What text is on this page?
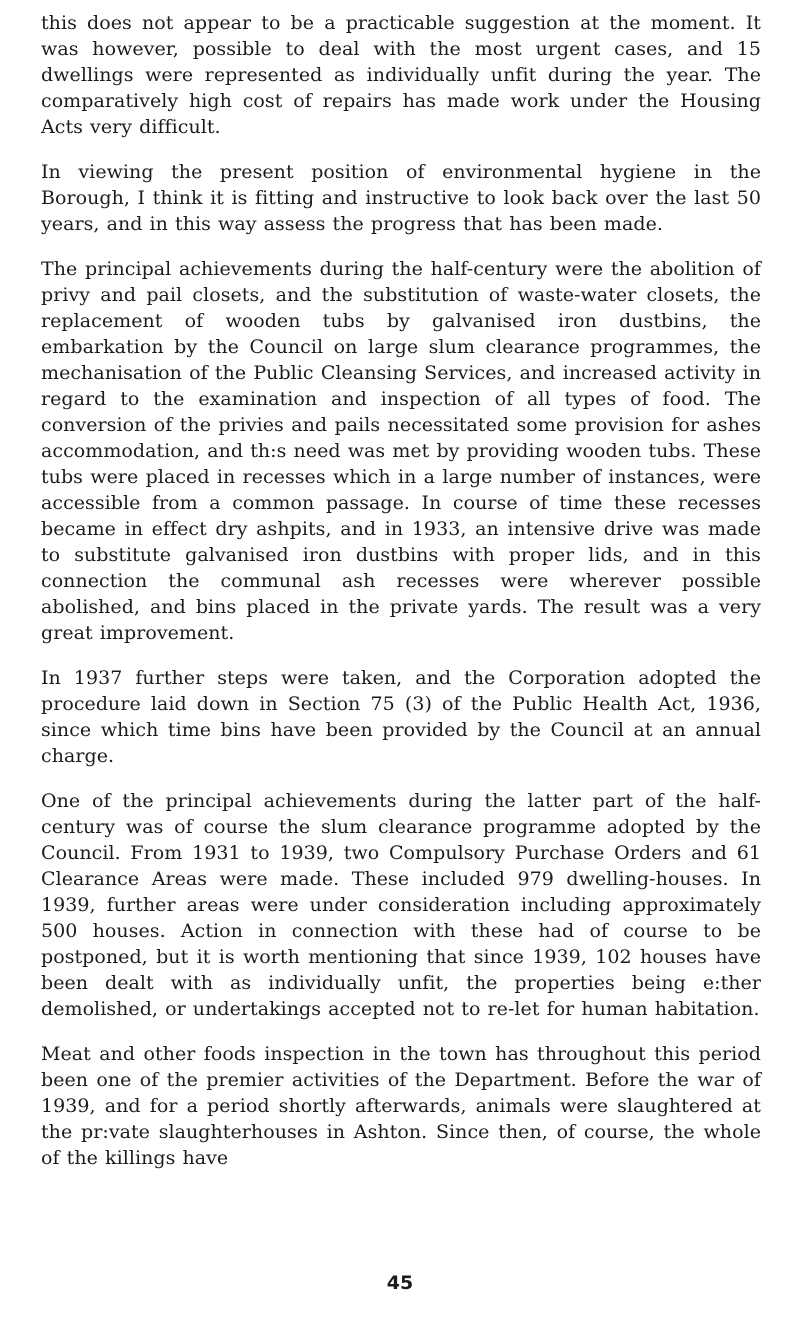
this does not appear to be a practicable suggestion at the moment. It was however, possible to deal with the most urgent cases, and 15 dwellings were represented as individually unfit during the year. The comparatively high cost of repairs has made work under the Housing Acts very difficult.

In viewing the present position of environmental hygiene in the Borough, I think it is fitting and instructive to look back over the last 50 years, and in this way assess the progress that has been made.

The principal achievements during the half-century were the abolition of privy and pail closets, and the substitution of waste-water closets, the replacement of wooden tubs by galvanised iron dustbins, the embarkation by the Council on large slum clearance programmes, the mechanisation of the Public Cleansing Services, and increased activity in regard to the examination and inspection of all types of food. The conversion of the privies and pails necessitated some provision for ashes accommodation, and th:s need was met by providing wooden tubs. These tubs were placed in recesses which in a large number of instances, were accessible from a common passage. In course of time these recesses became in effect dry ashpits, and in 1933, an intensive drive was made to substitute galvanised iron dustbins with proper lids, and in this connection the communal ash recesses were wherever possible abolished, and bins placed in the private yards. The result was a very great improvement.

In 1937 further steps were taken, and the Corporation adopted the procedure laid down in Section 75 (3) of the Public Health Act, 1936, since which time bins have been provided by the Council at an annual charge.

One of the principal achievements during the latter part of the half-century was of course the slum clearance programme adopted by the Council. From 1931 to 1939, two Compulsory Purchase Orders and 61 Clearance Areas were made. These included 979 dwelling-houses. In 1939, further areas were under consideration including approximately 500 houses. Action in connection with these had of course to be postponed, but it is worth mentioning that since 1939, 102 houses have been dealt with as individually unfit, the properties being e:ther demolished, or undertakings accepted not to re-let for human habitation.

Meat and other foods inspection in the town has throughout this period been one of the premier activities of the Department. Before the war of 1939, and for a period shortly afterwards, animals were slaughtered at the pr:vate slaughterhouses in Ashton. Since then, of course, the whole of the killings have

45
